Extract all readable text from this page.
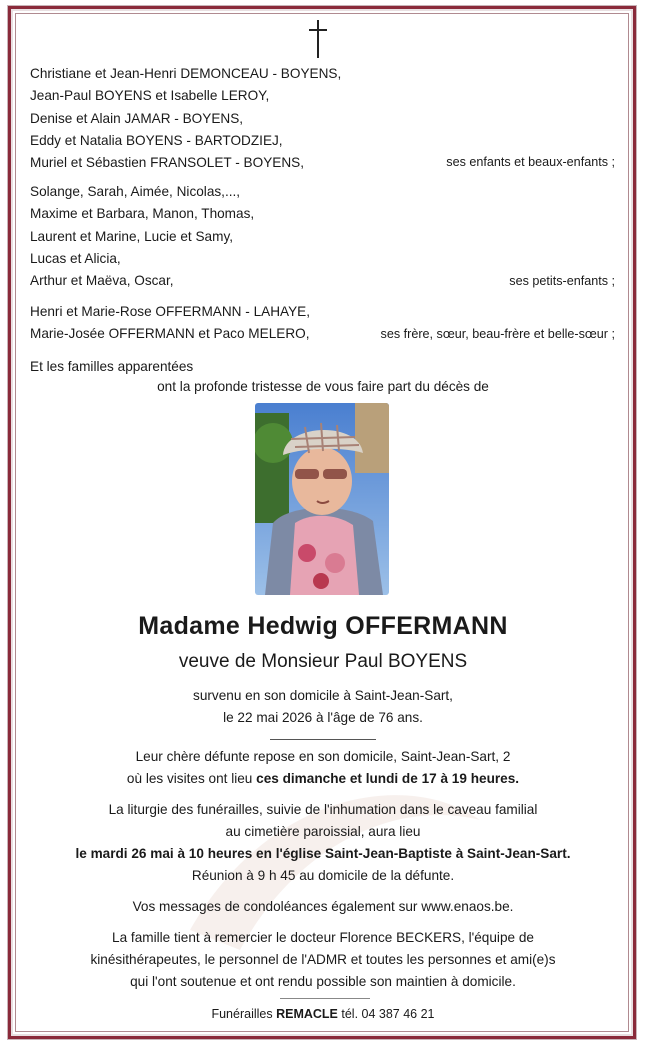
Christiane et Jean-Henri DEMONCEAU - BOYENS,
Jean-Paul BOYENS et Isabelle LEROY,
Denise et Alain JAMAR - BOYENS,
Eddy et Natalia BOYENS - BARTODZIEJ,
Muriel et Sébastien FRANSOLET - BOYENS,	ses enfants et beaux-enfants ;
Solange, Sarah, Aimée, Nicolas,...,
Maxime et Barbara, Manon, Thomas,
Laurent et Marine, Lucie et Samy,
Lucas et Alicia,
Arthur et Maëva, Oscar,	ses petits-enfants ;
Henri et Marie-Rose OFFERMANN - LAHAYE,
Marie-Josée OFFERMANN et Paco MELERO,	ses frère, sœur, beau-frère et belle-sœur ;
Et les familles apparentées
ont la profonde tristesse de vous faire part du décès de
Madame Hedwig OFFERMANN
veuve de Monsieur Paul BOYENS
survenu en son domicile à Saint-Jean-Sart,
le 22 mai 2026 à l'âge de 76 ans.
Leur chère défunte repose en son domicile, Saint-Jean-Sart, 2
où les visites ont lieu ces dimanche et lundi de 17 à 19 heures.
La liturgie des funérailles, suivie de l'inhumation dans le caveau familial
au cimetière paroissial, aura lieu
le mardi 26 mai à 10 heures en l'église Saint-Jean-Baptiste à Saint-Jean-Sart.
Réunion à 9 h 45 au domicile de la défunte.
Vos messages de condoléances également sur www.enaos.be.
La famille tient à remercier le docteur Florence BECKERS, l'équipe de
kinésithérapeutes, le personnel de l'ADMR et toutes les personnes et ami(e)s
qui l'ont soutenue et ont rendu possible son maintien à domicile.
Funérailles REMACLE tél. 04 387 46 21
